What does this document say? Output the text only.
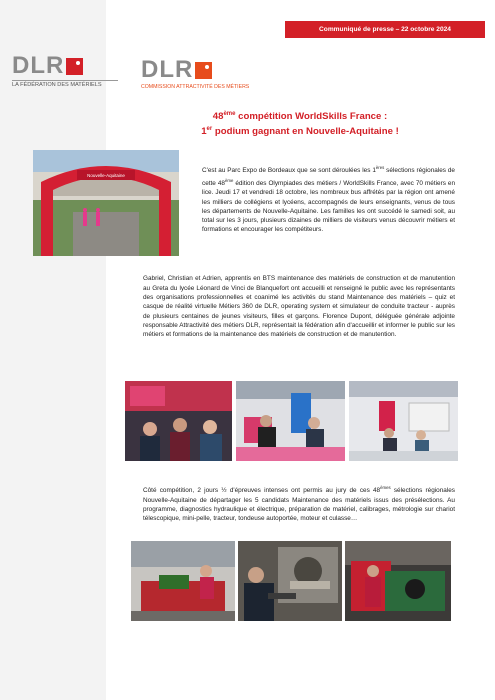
Communiqué de presse – 22 octobre 2024
DLR
LA FÉDÉRATION DES MATÉRIELS
DLR
COMMISSION ATTRACTIVITÉ DES MÉTIERS
48ème compétition WorldSkills France :
1er podium gagnant en Nouvelle-Aquitaine !
Nouvelle-Aquitaine

C'est au Parc Expo de Bordeaux que se sont déroulées les 1ères sélections régionales de cette 48ème édition des Olympiades des métiers / WorldSkills France, avec 70 métiers en lice. Jeudi 17 et vendredi 18 octobre, les nombreux bus affrétés par la région ont amené les milliers de collégiens et lycéens, accompagnés de leurs enseignants, venus de tous les départements de Nouvelle-Aquitaine. Les familles les ont succédé le samedi soit, au total sur les 3 jours, plusieurs dizaines de milliers de visiteurs venus découvrir métiers et formations et encourager les compétiteurs.

Gabriel, Christian et Adrien, apprentis en BTS maintenance des matériels de construction et de manutention au Greta du lycée Léonard de Vinci de Blanquefort ont accueilli et renseigné le public avec les représentants des organisations professionnelles et coanimé les activités du stand Maintenance des matériels – quiz et casque de réalité virtuelle Métiers 360 de DLR, operating system et simulateur de conduite tracteur - auprès de plusieurs centaines de jeunes visiteurs, filles et garçons. Florence Dupont, déléguée générale adjointe responsable Attractivité des métiers DLR, représentait la fédération afin d'accueillir et informer le public sur les métiers et formations de la maintenance des matériels de construction et de manutention.

Côté compétition, 2 jours ½ d'épreuves intenses ont permis au jury de ces 48èmes sélections régionales Nouvelle-Aquitaine de départager les 5 candidats Maintenance des matériels issus des présélections. Au programme, diagnostics hydraulique et électrique, préparation de matériel, calibrages, métrologie sur chariot télescopique, mini-pelle, tracteur, tondeuse autoportée, moteur et culasse…
